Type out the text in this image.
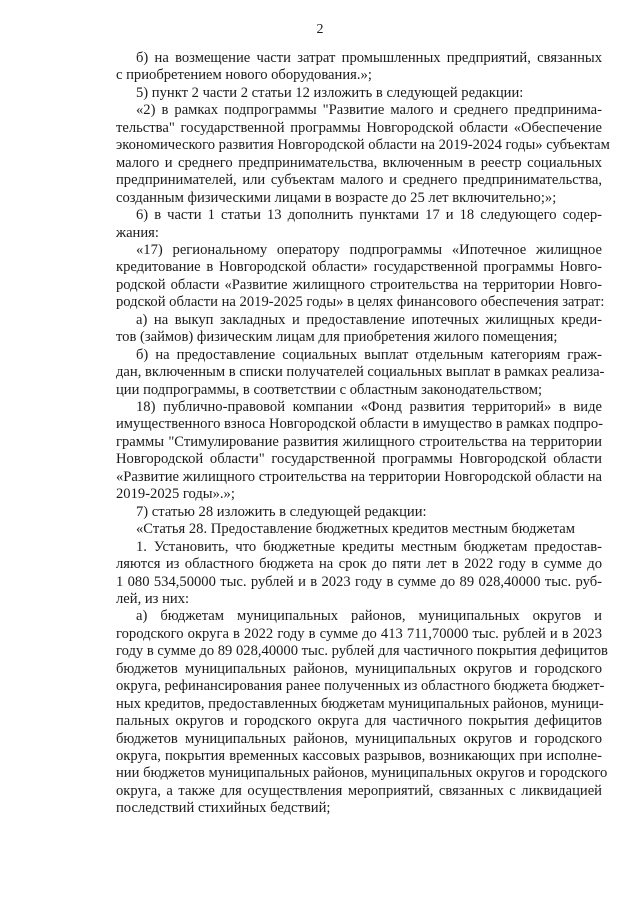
2
б) на возмещение части затрат промышленных предприятий, связанных
с приобретением нового оборудования.»;
5) пункт 2 части 2 статьи 12 изложить в следующей редакции:
«2) в рамках подпрограммы "Развитие малого и среднего предпринима-
тельства" государственной программы Новгородской области «Обеспечение
экономического развития Новгородской области на 2019-2024 годы» субъектам
малого и среднего предпринимательства, включенным в реестр социальных
предпринимателей, или субъектам малого и среднего предпринимательства,
созданным физическими лицами в возрасте до 25 лет включительно;»;
6) в части 1 статьи 13 дополнить пунктами 17 и 18 следующего содер-
жания:
«17) региональному оператору подпрограммы «Ипотечное жилищное
кредитование в Новгородской области» государственной программы Новго-
родской области «Развитие жилищного строительства на территории Новго-
родской области на 2019-2025 годы» в целях финансового обеспечения затрат:
а) на выкуп закладных и предоставление ипотечных жилищных креди-
тов (займов) физическим лицам для приобретения жилого помещения;
б) на предоставление социальных выплат отдельным категориям граж-
дан, включенным в списки получателей социальных выплат в рамках реализа-
ции подпрограммы, в соответствии с областным законодательством;
18) публично-правовой компании «Фонд развития территорий» в виде
имущественного взноса Новгородской области в имущество в рамках подпро-
граммы "Стимулирование развития жилищного строительства на территории
Новгородской области" государственной программы Новгородской области
«Развитие жилищного строительства на территории Новгородской области на
2019-2025 годы».»;
7) статью 28 изложить в следующей редакции:
«Статья 28. Предоставление бюджетных кредитов местным бюджетам
1. Установить, что бюджетные кредиты местным бюджетам предостав-
ляются из областного бюджета на срок до пяти лет в 2022 году в сумме до
1 080 534,50000 тыс. рублей и в 2023 году в сумме до 89 028,40000 тыс. руб-
лей, из них:
а) бюджетам муниципальных районов, муниципальных округов и
городского округа в 2022 году в сумме до 413 711,70000 тыс. рублей и в 2023
году в сумме до 89 028,40000 тыс. рублей для частичного покрытия дефицитов
бюджетов муниципальных районов, муниципальных округов и городского
округа, рефинансирования ранее полученных из областного бюджета бюджет-
ных кредитов, предоставленных бюджетам муниципальных районов, муници-
пальных округов и городского округа для частичного покрытия дефицитов
бюджетов муниципальных районов, муниципальных округов и городского
округа, покрытия временных кассовых разрывов, возникающих при исполне-
нии бюджетов муниципальных районов, муниципальных округов и городского
округа, а также для осуществления мероприятий, связанных с ликвидацией
последствий стихийных бедствий;
